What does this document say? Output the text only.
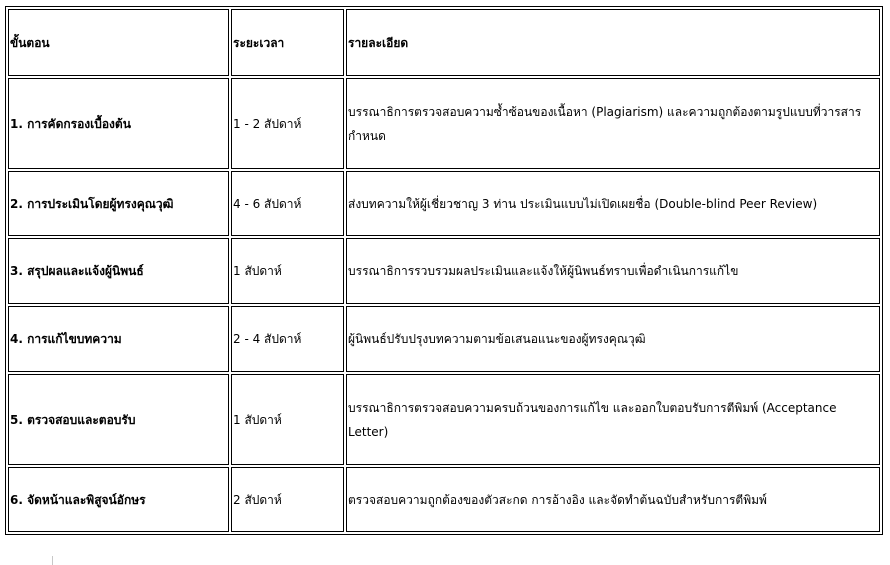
ขั้นตอน	ระยะเวลา	รายละเอียด
1. การคัดกรองเบื้องต้น	1 - 2 สัปดาห์	บรรณาธิการตรวจสอบความซ้ำซ้อนของเนื้อหา (Plagiarism) และความถูกต้องตามรูปแบบที่วารสารกำหนด
2. การประเมินโดยผู้ทรงคุณวุฒิ	4 - 6 สัปดาห์	ส่งบทความให้ผู้เชี่ยวชาญ 3 ท่าน ประเมินแบบไม่เปิดเผยชื่อ (Double-blind Peer Review)
3. สรุปผลและแจ้งผู้นิพนธ์	1 สัปดาห์	บรรณาธิการรวบรวมผลประเมินและแจ้งให้ผู้นิพนธ์ทราบเพื่อดำเนินการแก้ไข
4. การแก้ไขบทความ	2 - 4 สัปดาห์	ผู้นิพนธ์ปรับปรุงบทความตามข้อเสนอแนะของผู้ทรงคุณวุฒิ
5. ตรวจสอบและตอบรับ	1 สัปดาห์	บรรณาธิการตรวจสอบความครบถ้วนของการแก้ไข และออกใบตอบรับการตีพิมพ์ (Acceptance Letter)
6. จัดหน้าและพิสูจน์อักษร	2 สัปดาห์	ตรวจสอบความถูกต้องของตัวสะกด การอ้างอิง และจัดทำต้นฉบับสำหรับการตีพิมพ์
